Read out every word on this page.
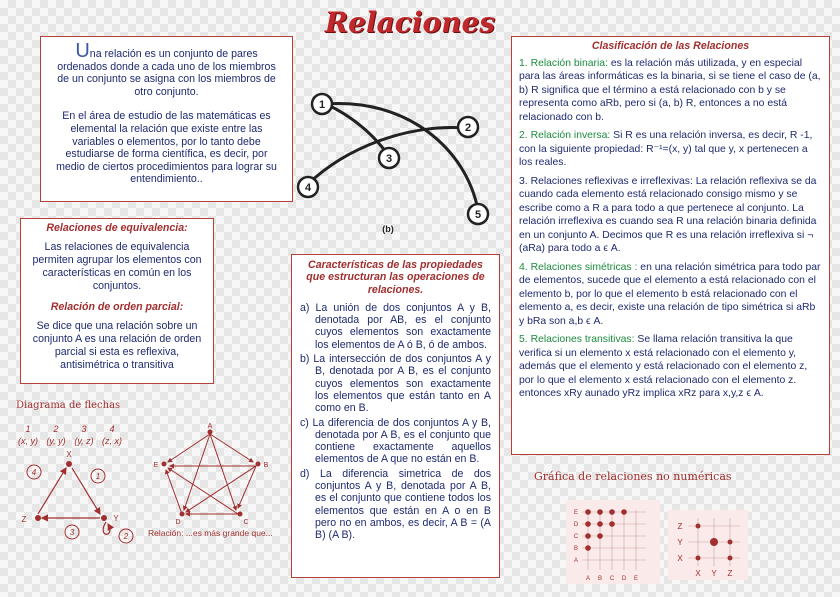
Relaciones
Una relación es un conjunto de pares ordenados donde a cada uno de los miembros de un conjunto se asigna con los miembros de otro conjunto.
En el área de estudio de las matemáticas es elemental la relación que existe entre las variables o elementos, por lo tanto debe estudiarse de forma científica, es decir, por medio de ciertos procedimientos para lograr su entendimiento..
1
2
3
4
5
(b)
Relaciones de equivalencia:
Las relaciones de equivalencia permiten agrupar los elementos con características en común en los conjuntos.
Relación de orden parcial:
Se dice que una relación sobre un conjunto A es una relación de orden parcial si esta es reflexiva, antisimétrica o transitiva
Características de las propiedades que estructuran las operaciones de relaciones.
a) La unión de dos conjuntos A y B, denotada por AB, es el conjunto cuyos elementos son exactamente los elementos de A ó B, ó de ambos.
b) La intersección de dos conjuntos A y B, denotada por A B, es el conjunto cuyos elementos son exactamente los elementos que están tanto en A como en B.
c) La diferencia de dos conjuntos A y B, denotada por A B, es el conjunto que contiene exactamente aquellos elementos de A que no están en B.
d) La diferencia simetrica de dos conjuntos A y B, denotada por A B, es el conjunto que contiene todos los elementos que están en A o en B pero no en ambos, es decir, A B = (A B) (A B).
Clasificación de las Relaciones
1. Relación binaria: es la relación más utilizada, y en especial para las áreas informáticas es la binaria, si se tiene el caso de (a, b) R significa que el término a está relacionado con b y se representa como aRb, pero si (a, b) R, entonces a no está relacionado con b.
2. Relación inversa: Si R es una relación inversa, es decir, R -1, con la siguiente propiedad: R⁻¹=(x, y) tal que y, x pertenecen a los reales.
3. Relaciones reflexivas e irreflexivas: La relación reflexiva se da cuando cada elemento está relacionado consigo mismo y se escribe como a R a para todo a que pertenece al conjunto. La relación irreflexiva es cuando sea R una relación binaria definida en un conjunto A. Decimos que R es una relación irreflexiva si ¬ (aRa) para todo a ϵ A.
4. Relaciones simétricas : en una relación simétrica para todo par de elementos, sucede que el elemento a está relacionado con el elemento b, por lo que el elemento b está relacionado con el elemento a, es decir, existe una relación de tipo simétrica si aRb y bRa son a,b ϵ A.
5. Relaciones transitivas: Se llama relación transitiva la que verifica si un elemento x está relacionado con el elemento y, además que el elemento y está relacionado con el elemento z, por lo que el elemento x está relacionado con el elemento z. entonces xRy aunado yRz implica xRz para x,y,z ϵ A.
Diagrama de flechas
1	2	3	4
(x, y) (y, y) (y, z) (z, x)
X
Y
Z
4	1
3	2
A
B
C
D
E
Relación: ...es más grande que...
Gráfica de relaciones no numéricas
E
D
C
B
A
A B C D E
Z
Y
X
X Y Z
